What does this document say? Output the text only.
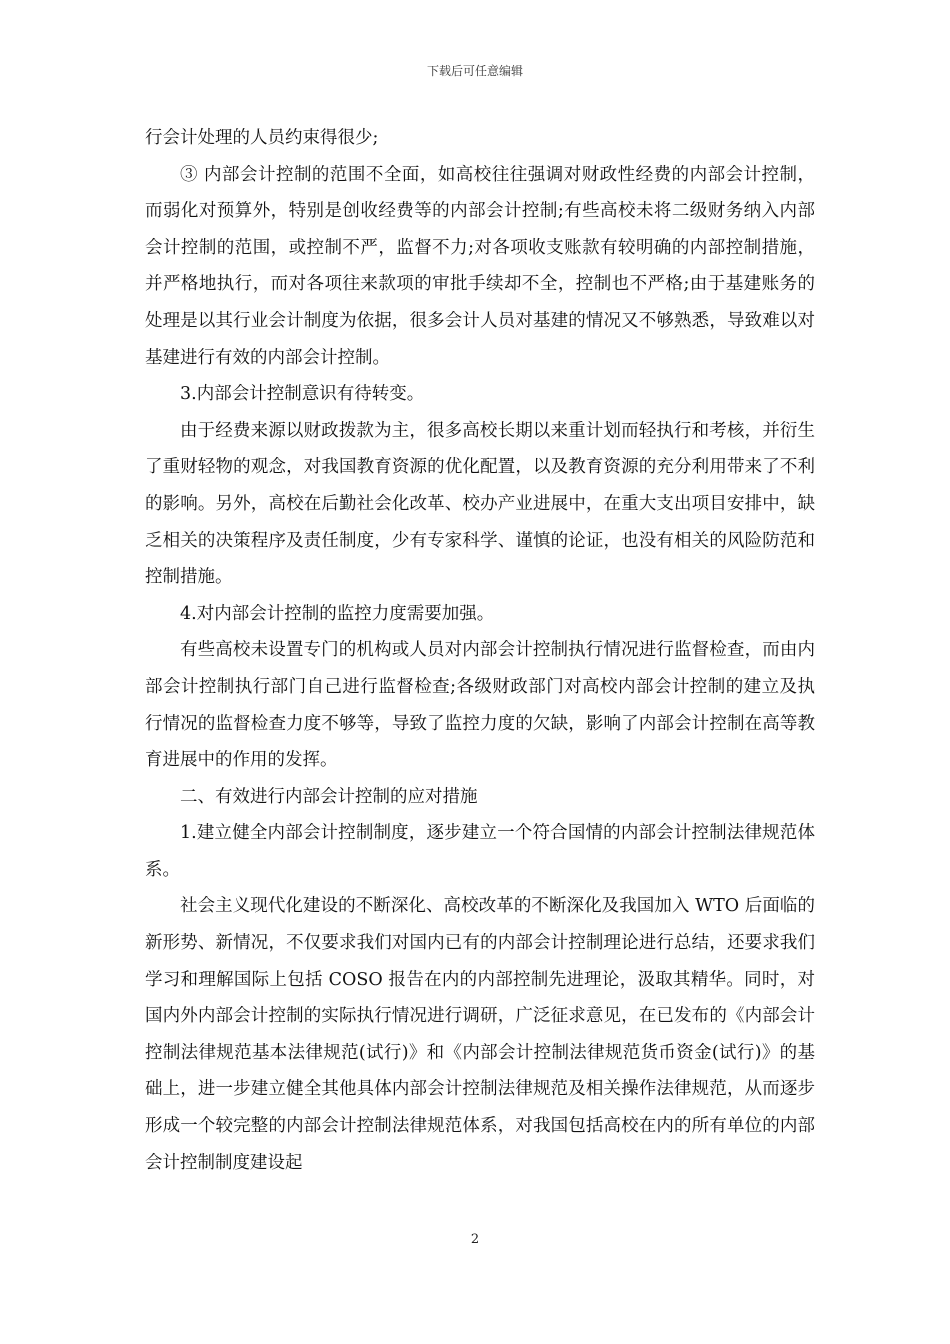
下载后可任意编辑

行会计处理的人员约束得很少;

③ 内部会计控制的范围不全面，如高校往往强调对财政性经费的内部会计控制，而弱化对预算外，特别是创收经费等的内部会计控制;有些高校未将二级财务纳入内部会计控制的范围，或控制不严，监督不力;对各项收支账款有较明确的内部控制措施，并严格地执行，而对各项往来款项的审批手续却不全，控制也不严格;由于基建账务的处理是以其行业会计制度为依据，很多会计人员对基建的情况又不够熟悉，导致难以对基建进行有效的内部会计控制。

3.内部会计控制意识有待转变。

由于经费来源以财政拨款为主，很多高校长期以来重计划而轻执行和考核，并衍生了重财轻物的观念，对我国教育资源的优化配置，以及教育资源的充分利用带来了不利的影响。另外，高校在后勤社会化改革、校办产业进展中，在重大支出项目安排中，缺乏相关的决策程序及责任制度，少有专家科学、谨慎的论证，也没有相关的风险防范和控制措施。

4.对内部会计控制的监控力度需要加强。

有些高校未设置专门的机构或人员对内部会计控制执行情况进行监督检查，而由内部会计控制执行部门自己进行监督检查;各级财政部门对高校内部会计控制的建立及执行情况的监督检查力度不够等，导致了监控力度的欠缺，影响了内部会计控制在高等教育进展中的作用的发挥。

二、有效进行内部会计控制的应对措施

1.建立健全内部会计控制制度，逐步建立一个符合国情的内部会计控制法律规范体系。

社会主义现代化建设的不断深化、高校改革的不断深化及我国加入 WTO 后面临的新形势、新情况，不仅要求我们对国内已有的内部会计控制理论进行总结，还要求我们学习和理解国际上包括 COSO 报告在内的内部控制先进理论，汲取其精华。同时，对国内外内部会计控制的实际执行情况进行调研，广泛征求意见，在已发布的《内部会计控制法律规范基本法律规范(试行)》和《内部会计控制法律规范货币资金(试行)》的基础上，进一步建立健全其他具体内部会计控制法律规范及相关操作法律规范，从而逐步形成一个较完整的内部会计控制法律规范体系，对我国包括高校在内的所有单位的内部会计控制制度建设起

2
